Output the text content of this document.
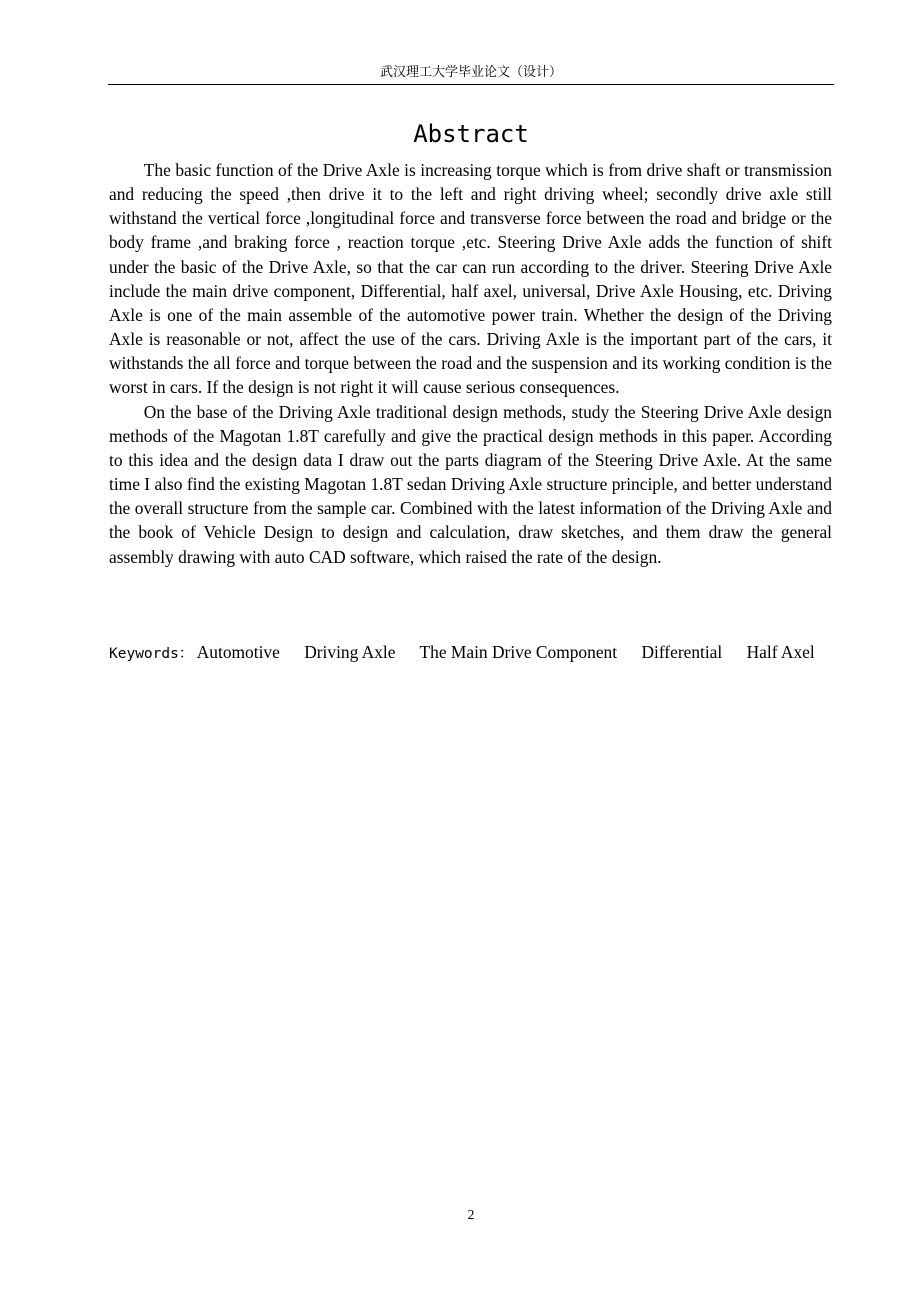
武汉理工大学毕业论文（设计）
Abstract

The basic function of the Drive Axle is increasing torque which is from drive shaft or transmission and reducing the speed ,then drive it to the left and right driving wheel; secondly drive axle still withstand the vertical force ,longitudinal force and transverse force between the road and bridge or the body frame ,and braking force , reaction torque ,etc. Steering Drive Axle adds the function of shift under the basic of the Drive Axle, so that the car can run according to the driver. Steering Drive Axle include the main drive component, Differential, half axel, universal, Drive Axle Housing, etc. Driving Axle is one of the main assemble of the automotive power train. Whether the design of the Driving Axle is reasonable or not, affect the use of the cars. Driving Axle is the important part of the cars, it withstands the all force and torque between the road and the suspension and its working condition is the worst in cars. If the design is not right it will cause serious consequences.

On the base of the Driving Axle traditional design methods, study the Steering Drive Axle design methods of the Magotan 1.8T carefully and give the practical design methods in this paper. According to this idea and the design data I draw out the parts diagram of the Steering Drive Axle. At the same time I also find the existing Magotan 1.8T sedan Driving Axle structure principle, and better understand the overall structure from the sample car. Combined with the latest information of the Driving Axle and the book of Vehicle Design to design and calculation, draw sketches, and them draw the general assembly drawing with auto CAD software, which raised the rate of the design.

Keywords： Automotive Driving Axle The Main Drive Component Differential Half Axel
2
